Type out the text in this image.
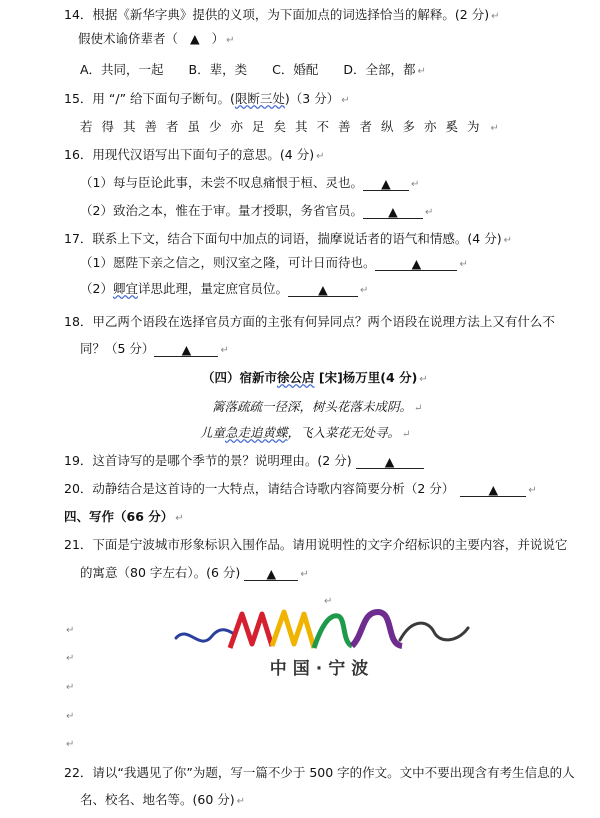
14．根据《新华字典》提供的义项，为下面加点的词选择恰当的解释。(2 分) ↵
假使术谕侪辈者（ ▲ ） ↵
A．共同，一起　　B．辈，类　　C．婚配　　D．全部，都 ↵
15．用 “/” 给下面句子断句。(限断三处)（3 分） ↵
若得其善者虽少亦足矣其不善者纵多亦奚为 ↵
16．用现代汉语写出下面句子的意思。(4 分) ↵
（1）每与臣论此事，未尝不叹息痛恨于桓、灵也。 ▲ ↵
（2）致治之本，惟在于审。量才授职，务省官员。 ▲	↵
17．联系上下文，结合下面句中加点的词语，揣摩说话者的语气和情感。(4 分) ↵
（1）愿陛下亲之信之，则汉室之隆，可计日而待也。	▲	↵
（2）卿宜详思此理，量定庶官员位。 ▲	↵
18．甲乙两个语段在选择官员方面的主张有何异同点？两个语段在说理方法上又有什么不
同？（5 分） ▲	↵
（四）宿新市徐公店 [宋]杨万里(4 分) ↵
篱落疏疏一径深，树头花落未成阴。 ↵
儿童急走追黄蝶，飞入菜花无处寻。 ↵
19．这首诗写的是哪个季节的景？说明理由。(2 分)	▲
20．动静结合是这首诗的一大特点，请结合诗歌内容简要分析（2 分）	▲	↵
四、写作（66 分） ↵
21．下面是宁波城市形象标识入围作品。请用说明性的文字介绍标识的主要内容，并说说它
的寓意（80 字左右）。(6 分) ▲ ↵
↵
↵
↵
↵
↵
↵
中国·宁波
22．请以“我遇见了你”为题，写一篇不少于 500 字的作文。文中不要出现含有考生信息的人
名、校名、地名等。(60 分) ↵
